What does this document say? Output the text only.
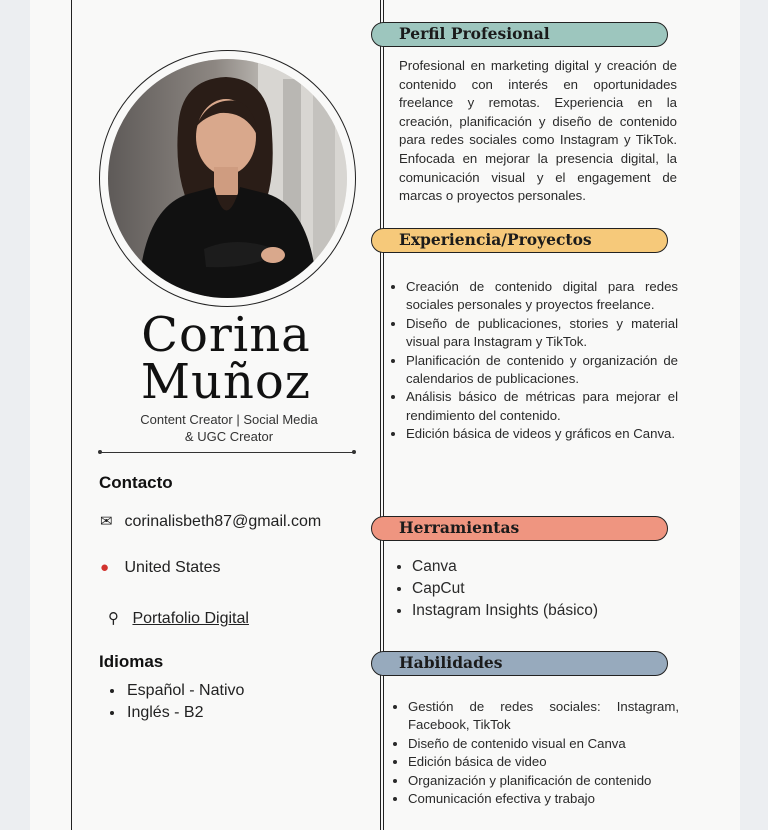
Corina
Muñoz
Content Creator | Social Media
& UGC Creator
Contacto
✉ corinalisbeth87@gmail.com
● United States
⚲ Portafolio Digital
Idiomas
• Español - Nativo
• Inglés - B2
Perfil Profesional

Profesional en marketing digital y creación de contenido con interés en oportunidades freelance y remotas. Experiencia en la creación, planificación y diseño de contenido para redes sociales como Instagram y TikTok. Enfocada en mejorar la presencia digital, la comunicación visual y el engagement de marcas o proyectos personales.

Experiencia/Proyectos
• Creación de contenido digital para redes sociales personales y proyectos freelance.
• Diseño de publicaciones, stories y material visual para Instagram y TikTok.
• Planificación de contenido y organización de calendarios de publicaciones.
• Análisis básico de métricas para mejorar el rendimiento del contenido.
• Edición básica de videos y gráficos en Canva.
Herramientas
• Canva
• CapCut
• Instagram Insights (básico)
Habilidades
• Gestión de redes sociales: Instagram, Facebook, TikTok
• Diseño de contenido visual en Canva
• Edición básica de video
• Organización y planificación de contenido
• Comunicación efectiva y trabajo
